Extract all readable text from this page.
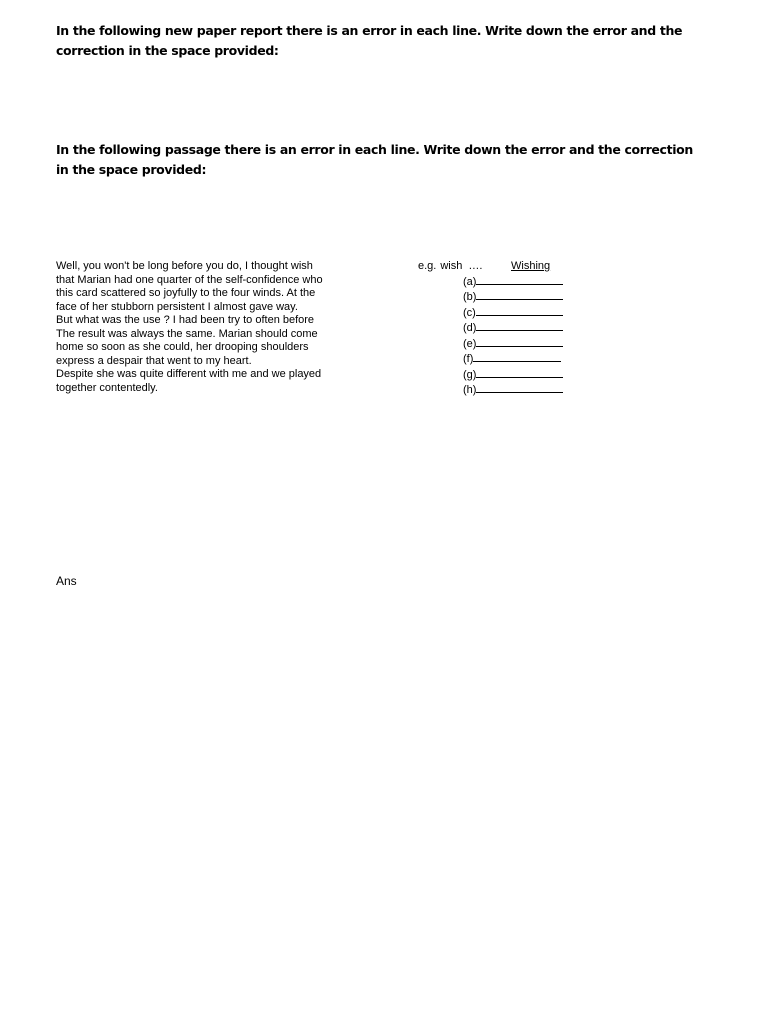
In the following new paper report there is an error in each line. Write down the error and the correction in the space provided:

In the following passage there is an error in each line. Write down the error and the correction in the space provided:

Well, you won't be long before you do, I thought wish
that Marian had one quarter of the self-confidence who
this card scattered so joyfully to the four winds. At the
face of her stubborn persistent I almost gave way.
But what was the use ? I had been try to often before
The result was always the same. Marian should come
home so soon as she could, her drooping shoulders
express a despair that went to my heart.
Despite she was quite different with me and we played
together contentedly.
e.g. wish ….	Wishing
(a)
(b)
(c)
(d)
(e)
(f)
(g)
(h)
Ans
